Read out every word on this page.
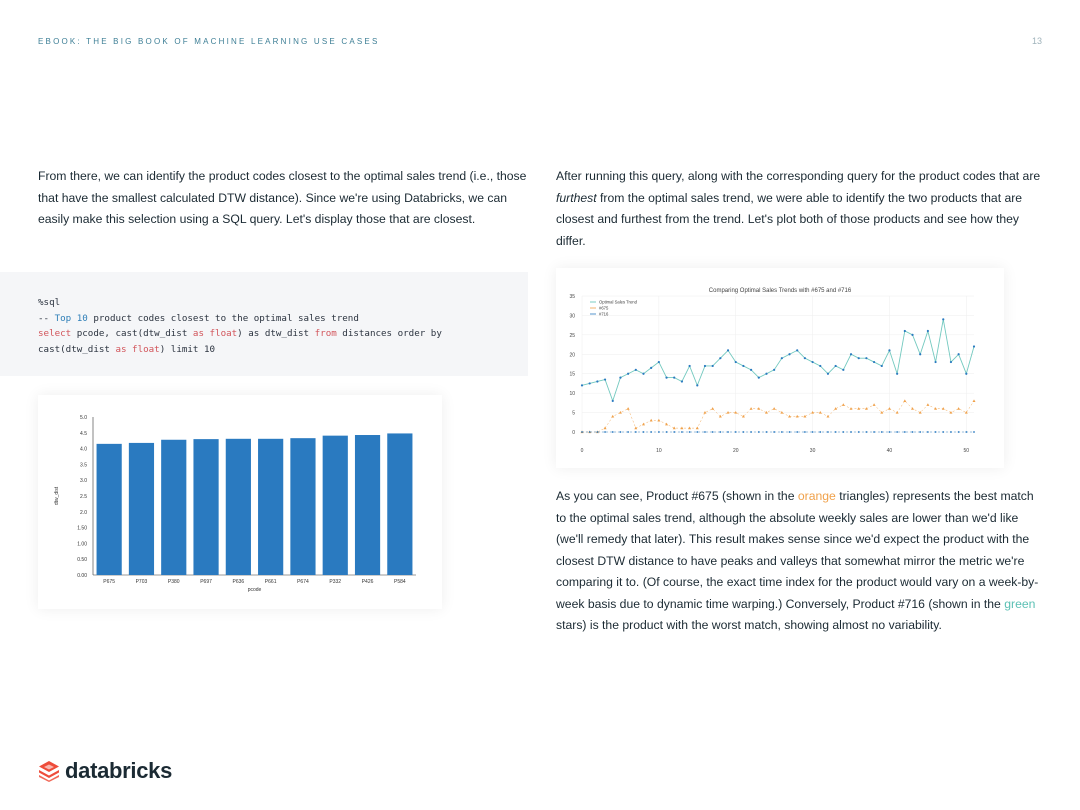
EBOOK: THE BIG BOOK OF MACHINE LEARNING USE CASES	13

From there, we can identify the product codes closest to the optimal sales trend (i.e., those that have the smallest calculated DTW distance). Since we're using Databricks, we can easily make this selection using a SQL query. Let's display those that are closest.

%sql
-- Top 10 product codes closest to the optimal sales trend
select pcode, cast(dtw_dist as float) as dtw_dist from distances order by
cast(dtw_dist as float) limit 10
0.00
0.50
1.00
1.50
2.0
2.5
3.0
3.5
4.0
4.5
5.0
P675	P703	P380	P697	P636	P661	P674	P332	P426	P584
pcode
dtw_dist

After running this query, along with the corresponding query for the product codes that are furthest from the optimal sales trend, we were able to identify the two products that are closest and furthest from the trend. Let's plot both of those products and see how they differ.

Comparing Optimal Sales Trends with #675 and #716
0
5
10
15
20
25
30
35
0	10	20	30	40	50
Optimal Sales Trend
#675
#716

As you can see, Product #675 (shown in the orange triangles) represents the best match to the optimal sales trend, although the absolute weekly sales are lower than we'd like (we'll remedy that later). This result makes sense since we'd expect the product with the closest DTW distance to have peaks and valleys that somewhat mirror the metric we're comparing it to. (Of course, the exact time index for the product would vary on a week-by-week basis due to dynamic time warping.) Conversely, Product #716 (shown in the green stars) is the product with the worst match, showing almost no variability.

databricks
